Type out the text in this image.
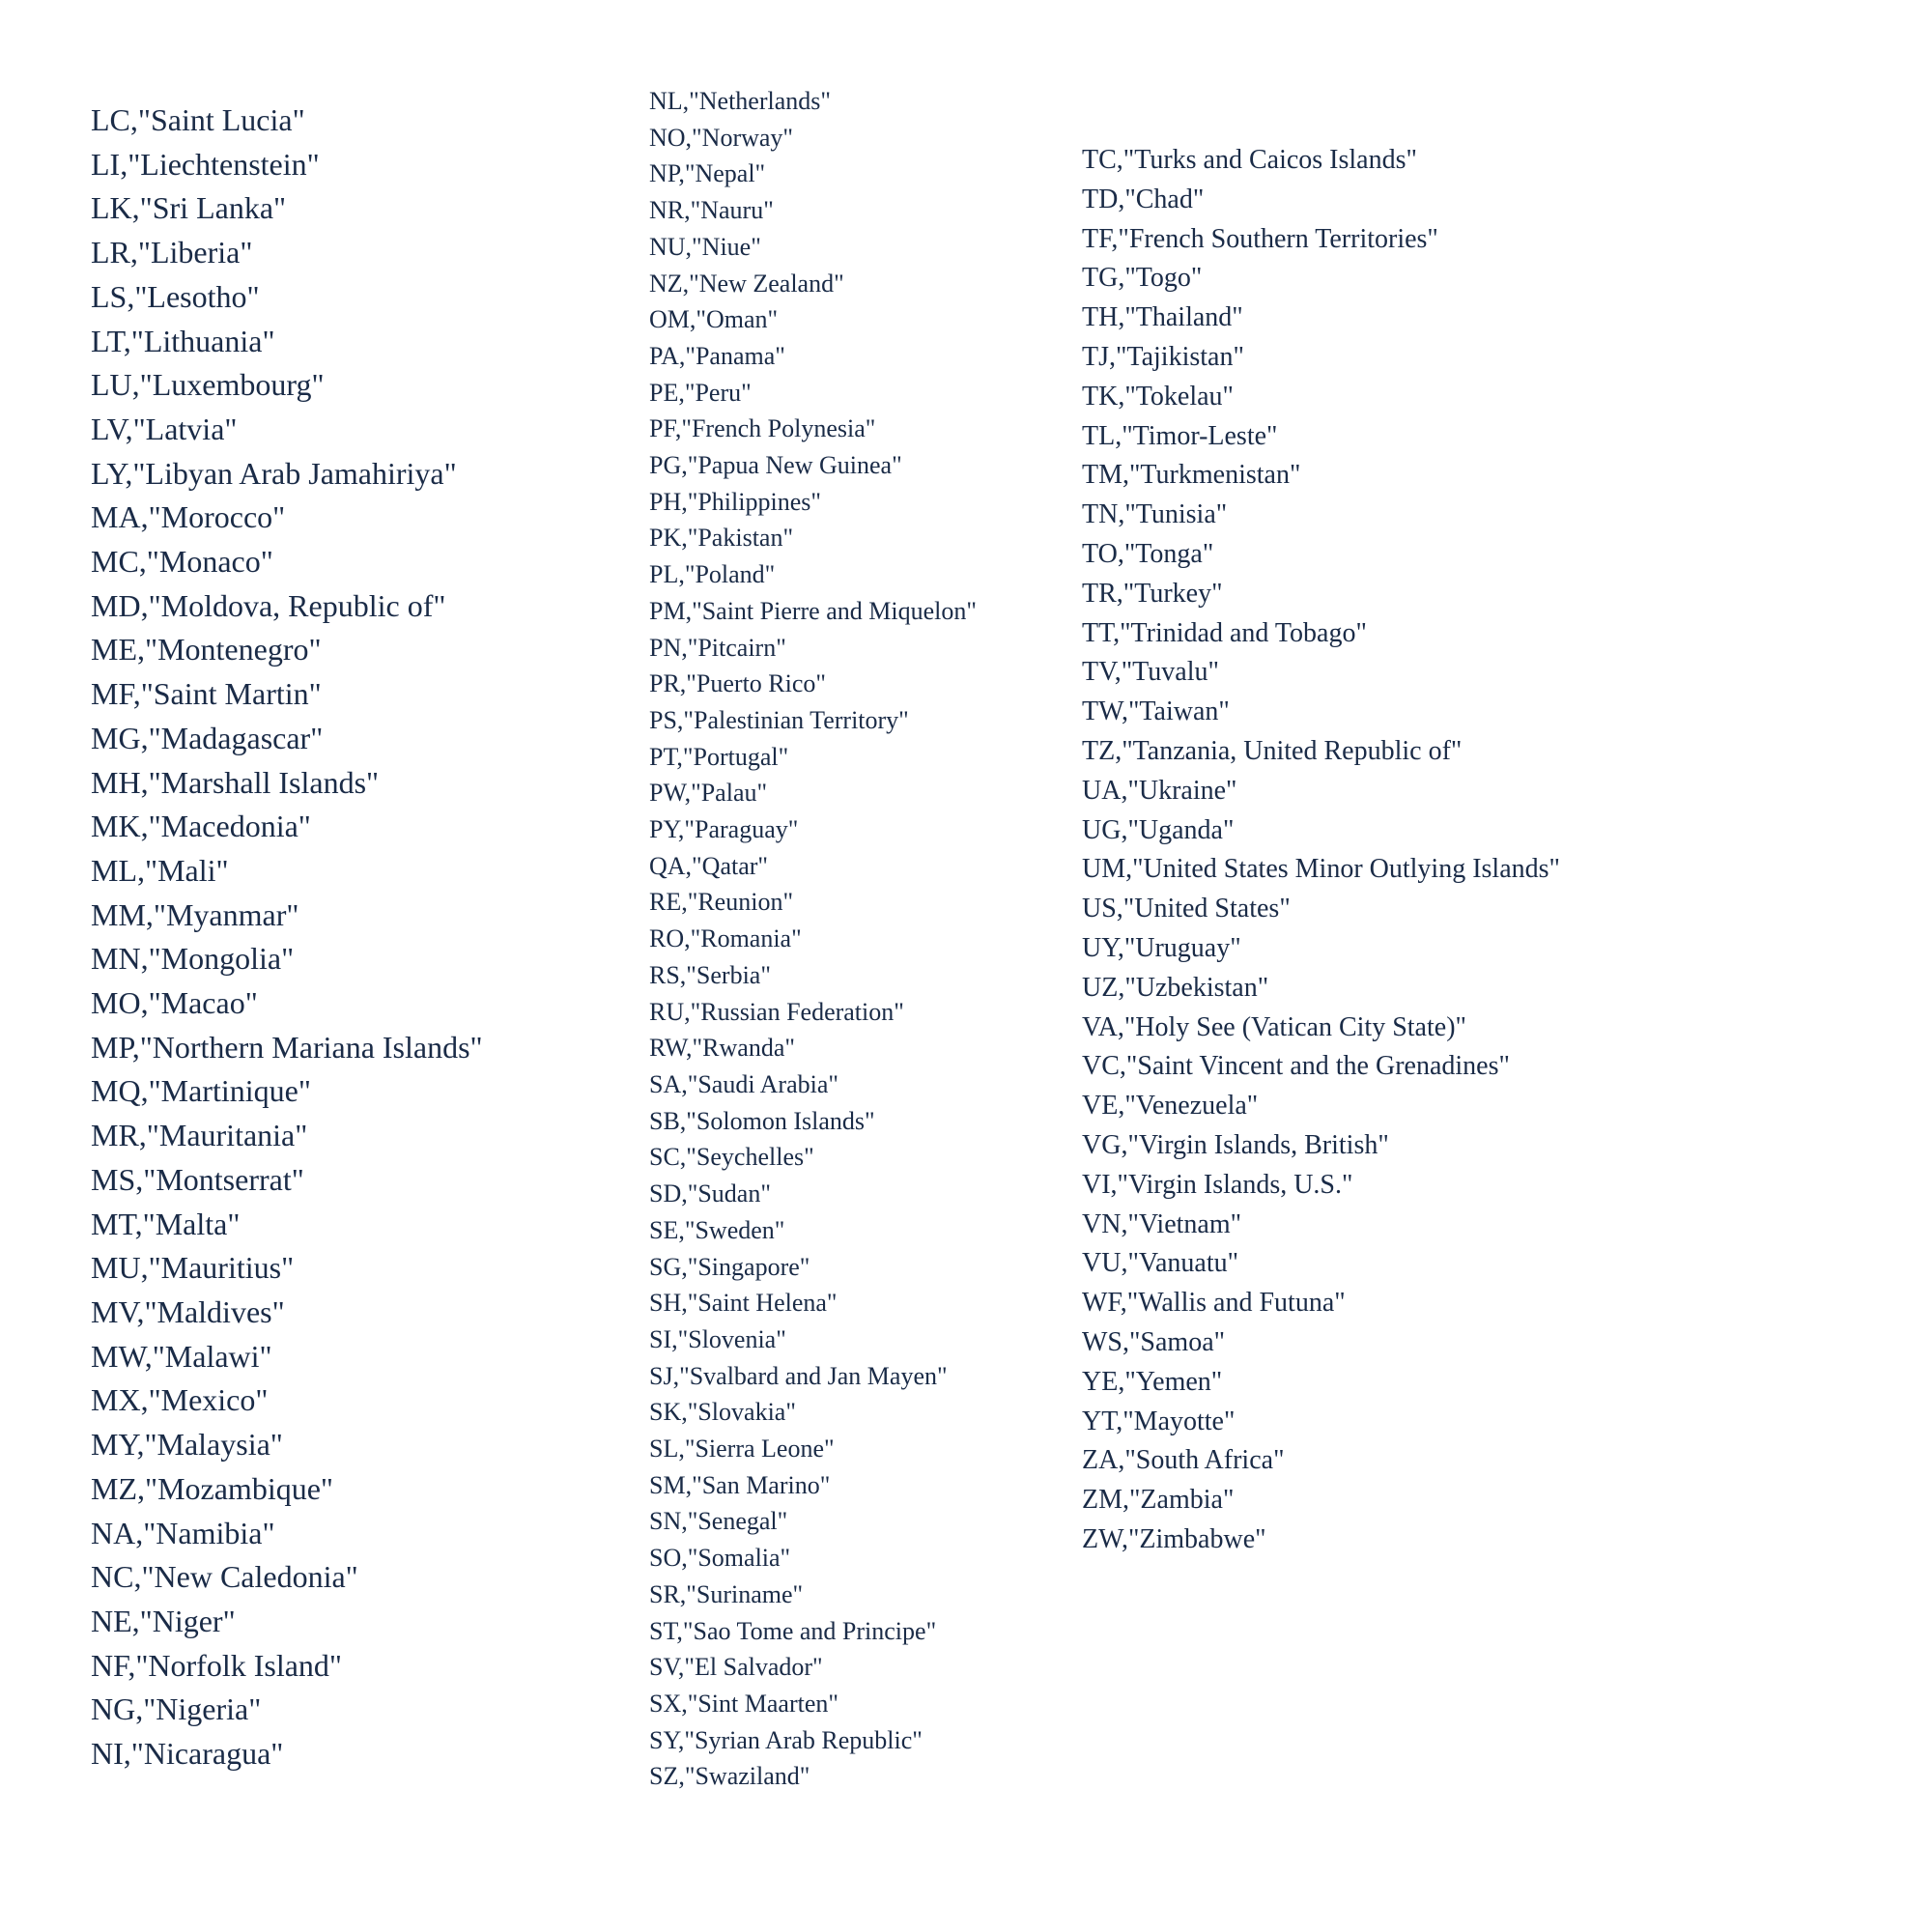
LC,"Saint Lucia"
LI,"Liechtenstein"
LK,"Sri Lanka"
LR,"Liberia"
LS,"Lesotho"
LT,"Lithuania"
LU,"Luxembourg"
LV,"Latvia"
LY,"Libyan Arab Jamahiriya"
MA,"Morocco"
MC,"Monaco"
MD,"Moldova, Republic of"
ME,"Montenegro"
MF,"Saint Martin"
MG,"Madagascar"
MH,"Marshall Islands"
MK,"Macedonia"
ML,"Mali"
MM,"Myanmar"
MN,"Mongolia"
MO,"Macao"
MP,"Northern Mariana Islands"
MQ,"Martinique"
MR,"Mauritania"
MS,"Montserrat"
MT,"Malta"
MU,"Mauritius"
MV,"Maldives"
MW,"Malawi"
MX,"Mexico"
MY,"Malaysia"
MZ,"Mozambique"
NA,"Namibia"
NC,"New Caledonia"
NE,"Niger"
NF,"Norfolk Island"
NG,"Nigeria"
NI,"Nicaragua"
NL,"Netherlands"
NO,"Norway"
NP,"Nepal"
NR,"Nauru"
NU,"Niue"
NZ,"New Zealand"
OM,"Oman"
PA,"Panama"
PE,"Peru"
PF,"French Polynesia"
PG,"Papua New Guinea"
PH,"Philippines"
PK,"Pakistan"
PL,"Poland"
PM,"Saint Pierre and Miquelon"
PN,"Pitcairn"
PR,"Puerto Rico"
PS,"Palestinian Territory"
PT,"Portugal"
PW,"Palau"
PY,"Paraguay"
QA,"Qatar"
RE,"Reunion"
RO,"Romania"
RS,"Serbia"
RU,"Russian Federation"
RW,"Rwanda"
SA,"Saudi Arabia"
SB,"Solomon Islands"
SC,"Seychelles"
SD,"Sudan"
SE,"Sweden"
SG,"Singapore"
SH,"Saint Helena"
SI,"Slovenia"
SJ,"Svalbard and Jan Mayen"
SK,"Slovakia"
SL,"Sierra Leone"
SM,"San Marino"
SN,"Senegal"
SO,"Somalia"
SR,"Suriname"
ST,"Sao Tome and Principe"
SV,"El Salvador"
SX,"Sint Maarten"
SY,"Syrian Arab Republic"
SZ,"Swaziland"
TC,"Turks and Caicos Islands"
TD,"Chad"
TF,"French Southern Territories"
TG,"Togo"
TH,"Thailand"
TJ,"Tajikistan"
TK,"Tokelau"
TL,"Timor-Leste"
TM,"Turkmenistan"
TN,"Tunisia"
TO,"Tonga"
TR,"Turkey"
TT,"Trinidad and Tobago"
TV,"Tuvalu"
TW,"Taiwan"
TZ,"Tanzania, United Republic of"
UA,"Ukraine"
UG,"Uganda"
UM,"United States Minor Outlying Islands"
US,"United States"
UY,"Uruguay"
UZ,"Uzbekistan"
VA,"Holy See (Vatican City State)"
VC,"Saint Vincent and the Grenadines"
VE,"Venezuela"
VG,"Virgin Islands, British"
VI,"Virgin Islands, U.S."
VN,"Vietnam"
VU,"Vanuatu"
WF,"Wallis and Futuna"
WS,"Samoa"
YE,"Yemen"
YT,"Mayotte"
ZA,"South Africa"
ZM,"Zambia"
ZW,"Zimbabwe"
